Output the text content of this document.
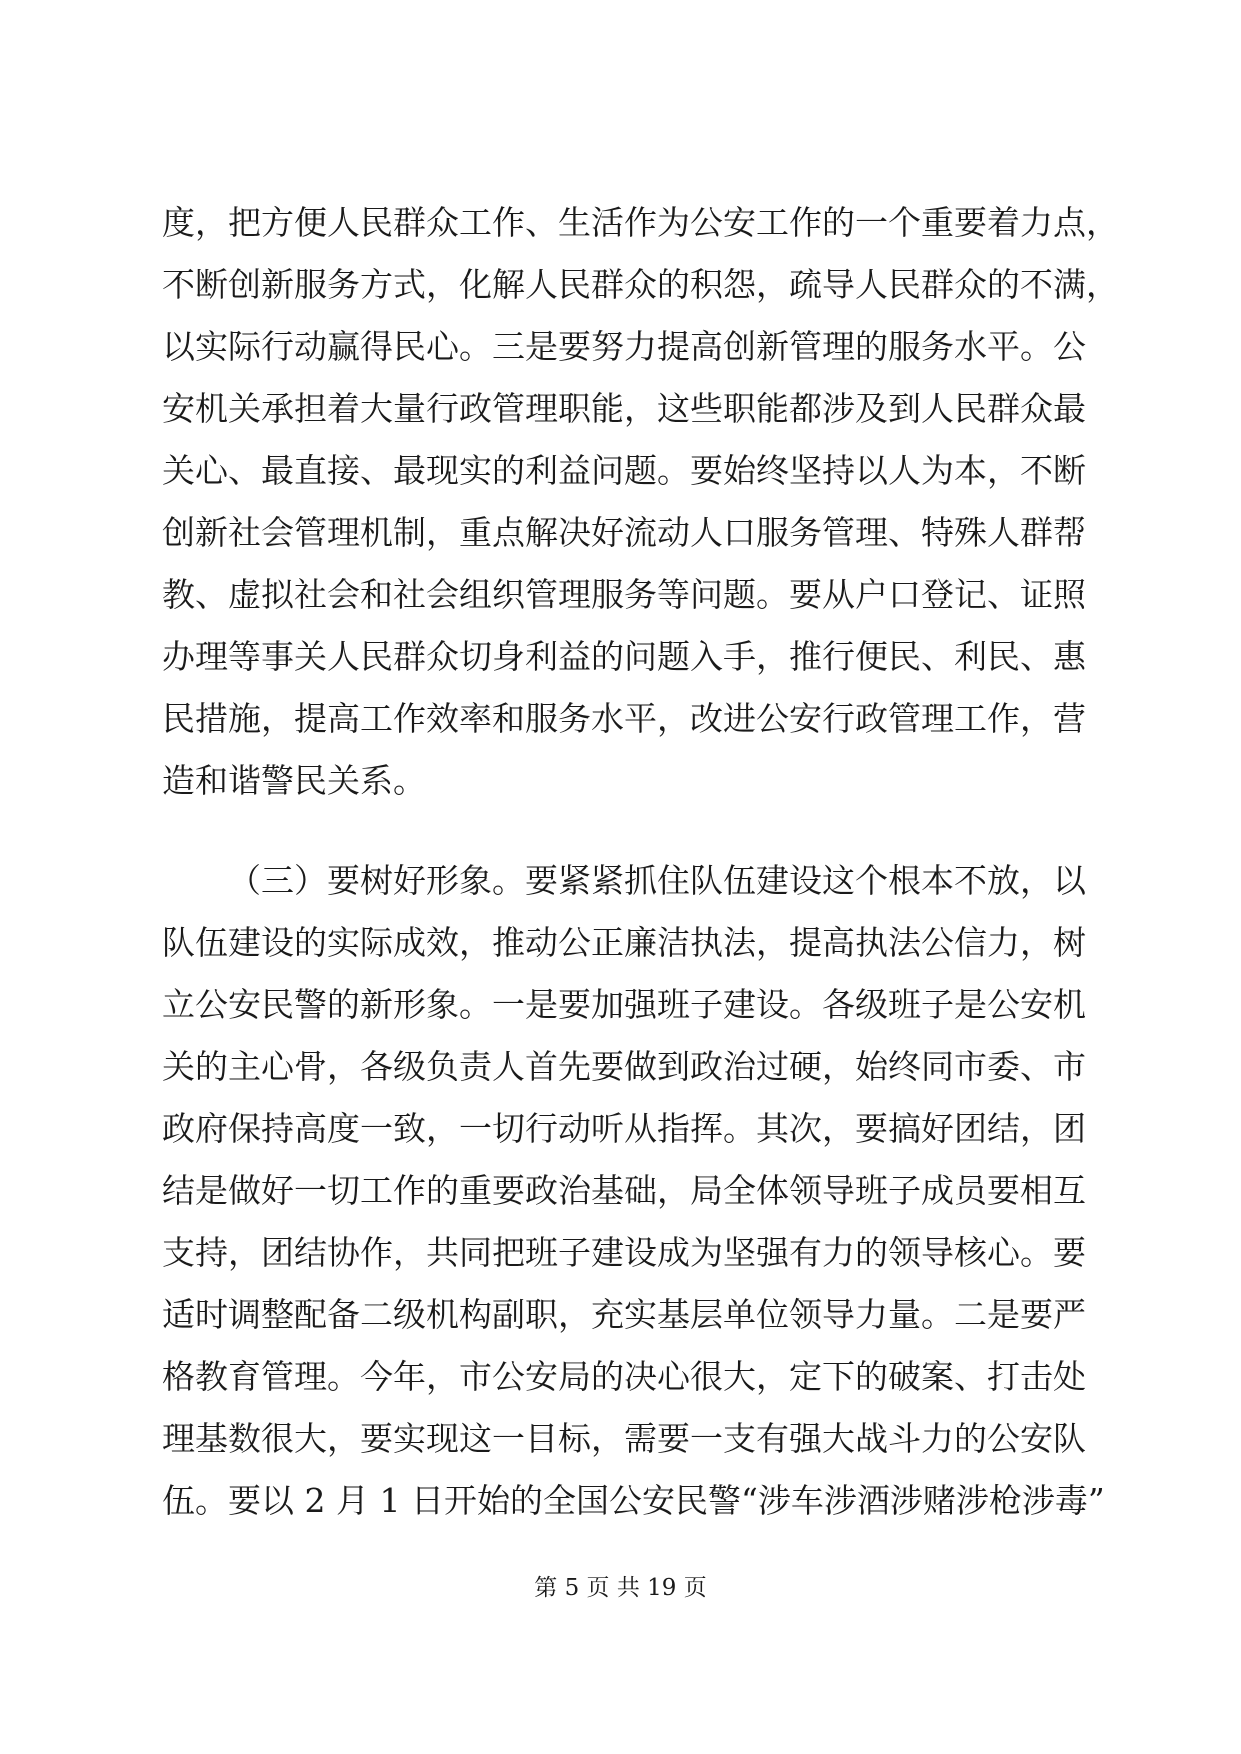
度，把方便人民群众工作、生活作为公安工作的一个重要着力点，
不断创新服务方式，化解人民群众的积怨，疏导人民群众的不满，
以实际行动赢得民心。三是要努力提高创新管理的服务水平。公
安机关承担着大量行政管理职能，这些职能都涉及到人民群众最
关心、最直接、最现实的利益问题。要始终坚持以人为本，不断
创新社会管理机制，重点解决好流动人口服务管理、特殊人群帮
教、虚拟社会和社会组织管理服务等问题。要从户口登记、证照
办理等事关人民群众切身利益的问题入手，推行便民、利民、惠
民措施，提高工作效率和服务水平，改进公安行政管理工作，营
造和谐警民关系。
（三）要树好形象。要紧紧抓住队伍建设这个根本不放，以
队伍建设的实际成效，推动公正廉洁执法，提高执法公信力，树
立公安民警的新形象。一是要加强班子建设。各级班子是公安机
关的主心骨，各级负责人首先要做到政治过硬，始终同市委、市
政府保持高度一致，一切行动听从指挥。其次，要搞好团结，团
结是做好一切工作的重要政治基础，局全体领导班子成员要相互
支持，团结协作，共同把班子建设成为坚强有力的领导核心。要
适时调整配备二级机构副职，充实基层单位领导力量。二是要严
格教育管理。今年，市公安局的决心很大，定下的破案、打击处
理基数很大，要实现这一目标，需要一支有强大战斗力的公安队
伍。要以 2 月 1 日开始的全国公安民警“涉车涉酒涉赌涉枪涉毒”
第 5 页 共 19 页
